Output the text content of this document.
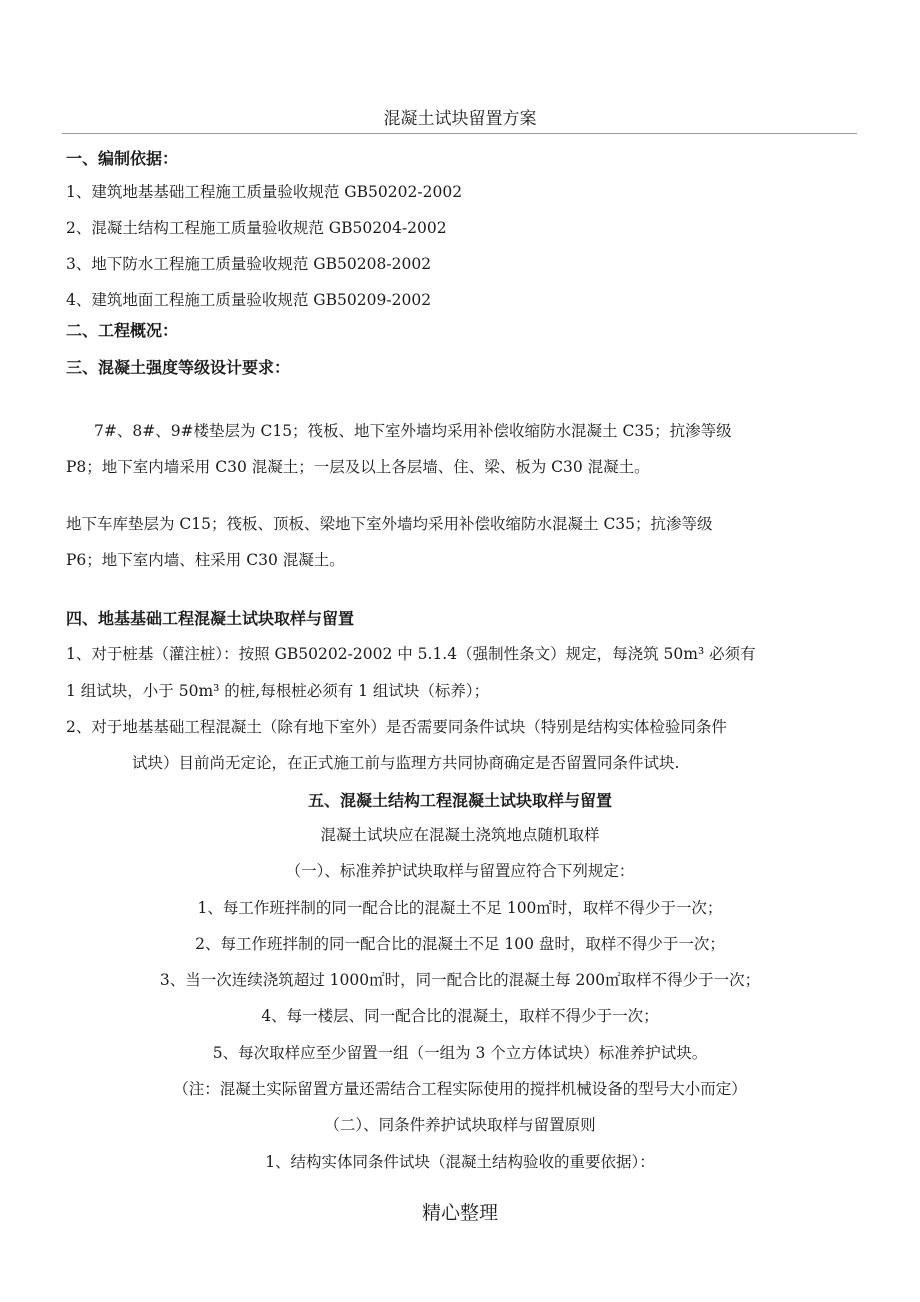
混凝土试块留置方案
一、编制依据：
1、建筑地基基础工程施工质量验收规范 GB50202-2002
2、混凝土结构工程施工质量验收规范 GB50204-2002
3、地下防水工程施工质量验收规范 GB50208-2002
4、建筑地面工程施工质量验收规范 GB50209-2002
二、工程概况：
三、混凝土强度等级设计要求：
7#、8#、9#楼垫层为 C15；筏板、地下室外墙均采用补偿收缩防水混凝土 C35；抗渗等级
P8；地下室内墙采用 C30 混凝土；一层及以上各层墙、住、梁、板为 C30 混凝土。
地下车库垫层为 C15；筏板、顶板、梁地下室外墙均采用补偿收缩防水混凝土 C35；抗渗等级
P6；地下室内墙、柱采用 C30 混凝土。
四、地基基础工程混凝土试块取样与留置
1、对于桩基（灌注桩）：按照 GB50202-2002 中 5.1.4（强制性条文）规定，每浇筑 50m³ 必须有
1 组试块，小于 50m³ 的桩,每根桩必须有 1 组试块（标养）；
2、对于地基基础工程混凝土（除有地下室外）是否需要同条件试块（特别是结构实体检验同条件
试块）目前尚无定论，在正式施工前与监理方共同协商确定是否留置同条件试块.
五、混凝土结构工程混凝土试块取样与留置
混凝土试块应在混凝土浇筑地点随机取样
（一）、标准养护试块取样与留置应符合下列规定：
1、每工作班拌制的同一配合比的混凝土不足 100㎡时，取样不得少于一次；
2、每工作班拌制的同一配合比的混凝土不足 100 盘时，取样不得少于一次；
3、当一次连续浇筑超过 1000㎡时，同一配合比的混凝土每 200㎡取样不得少于一次；
4、每一楼层、同一配合比的混凝土，取样不得少于一次；
5、每次取样应至少留置一组（一组为 3 个立方体试块）标准养护试块。
（注：混凝土实际留置方量还需结合工程实际使用的搅拌机械设备的型号大小而定）
（二）、同条件养护试块取样与留置原则
1、结构实体同条件试块（混凝土结构验收的重要依据）：
精心整理
